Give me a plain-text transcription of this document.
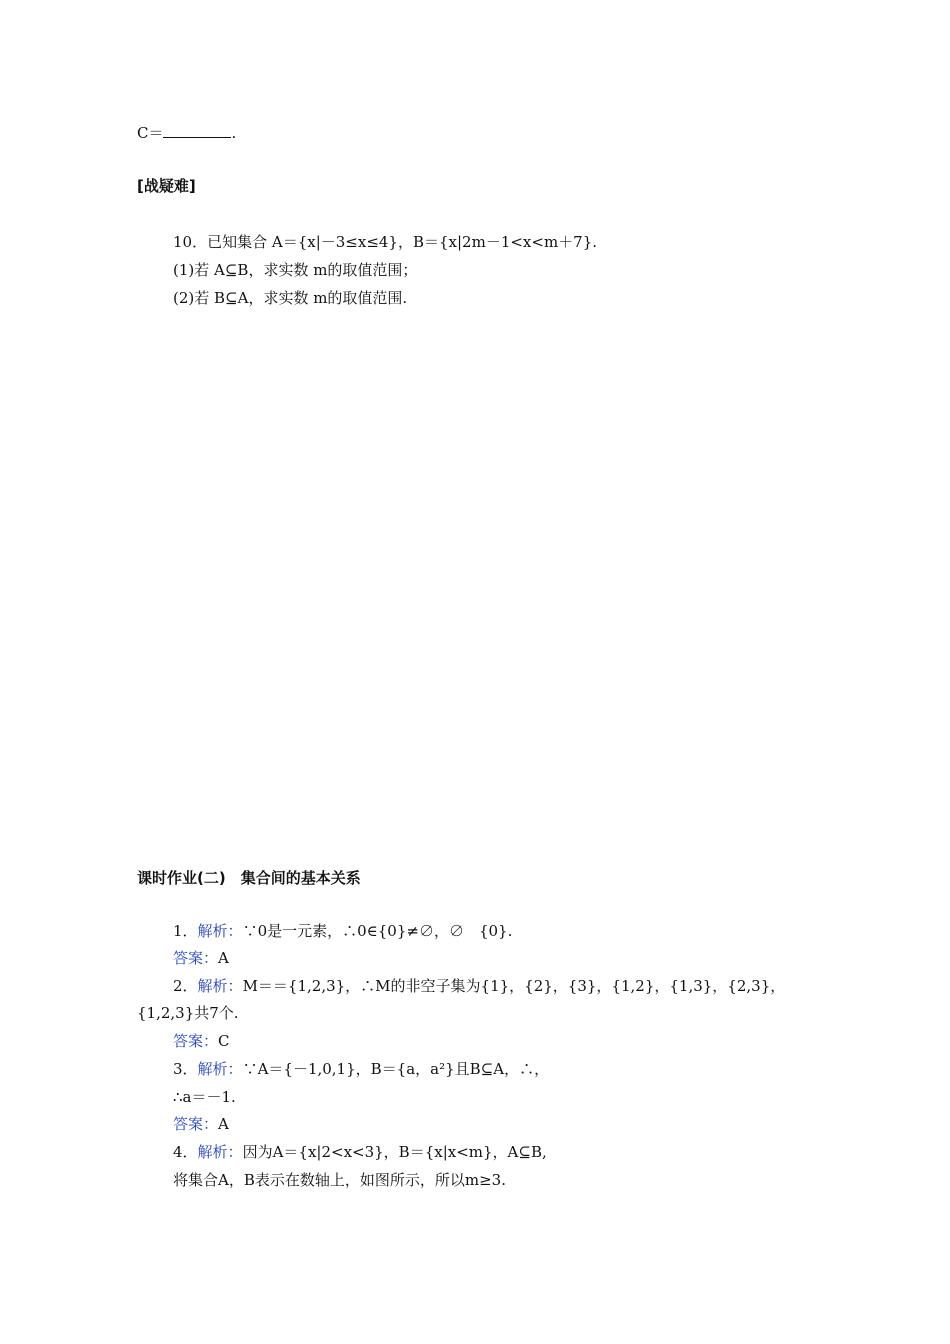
C＝	.
[战疑难]
10．已知集合 A＝{x|－3≤x≤4}，B＝{x|2m－1<x<m＋7}.
(1)若 A⊆B，求实数 m的取值范围；
(2)若 B⊆A，求实数 m的取值范围.
课时作业(二)　集合间的基本关系
1．解析：∵0是一元素，∴0∈{0}≠∅，∅　{0}.
答案：A
2．解析：M＝＝{1,2,3}，∴M的非空子集为{1}，{2}，{3}，{1,2}，{1,3}，{2,3}，
{1,2,3}共7个.
答案：C
3．解析：∵A＝{－1,0,1}，B＝{a，a²}且B⊆A，∴，
∴a＝－1.
答案：A
4．解析：因为A＝{x|2<x<3}，B＝{x|x<m}，A⊆B,
将集合A，B表示在数轴上，如图所示，所以m≥3.
